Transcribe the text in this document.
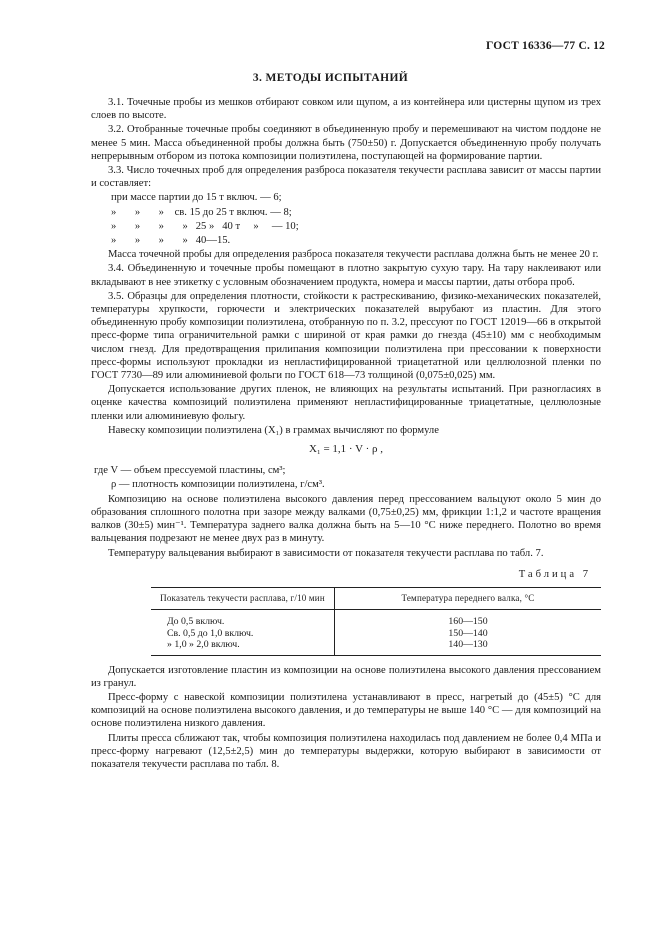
ГОСТ 16336—77 С. 12
3. МЕТОДЫ ИСПЫТАНИЙ

3.1. Точечные пробы из мешков отбирают совком или щупом, а из контейнера или цистерны щупом из трех слоев по высоте.

3.2. Отобранные точечные пробы соединяют в объединенную пробу и перемешивают на чистом поддоне не менее 5 мин. Масса объединенной пробы должна быть (750±50) г. Допускается объединенную пробу получать непрерывным отбором из потока композиции полиэтилена, поступающей на формирование партии.

3.3. Число точечных проб для определения разброса показателя текучести расплава зависит от массы партии и составляет:

при массе партии до 15 т включ. — 6;

»       »       »    св. 15 до 25 т включ. — 8;

»       »       »       »   25 »   40 т     »     — 10;

»       »       »       »   40—15.

Масса точечной пробы для определения разброса показателя текучести расплава должна быть не менее 20 г.

3.4. Объединенную и точечные пробы помещают в плотно закрытую сухую тару. На тару наклеивают или вкладывают в нее этикетку с условным обозначением продукта, номера и массы партии, даты отбора проб.

3.5. Образцы для определения плотности, стойкости к растрескиванию, физико-механических показателей, температуры хрупкости, горючести и электрических показателей вырубают из пластин. Для этого объединенную пробу композиции полиэтилена, отобранную по п. 3.2, прессуют по ГОСТ 12019—66 в открытой пресс-форме типа ограничительной рамки с шириной от края рамки до гнезда (45±10) мм с необходимым числом гнезд. Для предотвращения прилипания композиции полиэтилена при прессовании к поверхности пресс-формы используют прокладки из непластифицированной триацетатной или целлюлозной пленки по ГОСТ 7730—89 или алюминиевой фольги по ГОСТ 618—73 толщиной (0,075±0,025) мм.

Допускается использование других пленок, не влияющих на результаты испытаний. При разногласиях в оценке качества композиций полиэтилена применяют непластифицированные триацетатные, целлюлозные пленки или алюминиевую фольгу.

Навеску композиции полиэтилена (X₁) в граммах вычисляют по формуле

X₁ = 1,1 · V · ρ ,

где V — объем прессуемой пластины, см³;

ρ — плотность композиции полиэтилена, г/см³.

Композицию на основе полиэтилена высокого давления перед прессованием вальцуют около 5 мин до образования сплошного полотна при зазоре между валками (0,75±0,25) мм, фрикции 1:1,2 и частоте вращения валков (30±5) мин⁻¹. Температура заднего валка должна быть на 5—10 °С ниже переднего. Полотно во время вальцевания подрезают не менее двух раз в минуту.

Температуру вальцевания выбирают в зависимости от показателя текучести расплава по табл. 7.

Таблица 7
Показатель текучести расплава, г/10 мин	Температура переднего валка, °С
До 0,5 включ.	160—150
Св. 0,5 до 1,0 включ.	150—140
» 1,0 » 2,0 включ.	140—130

Допускается изготовление пластин из композиции на основе полиэтилена высокого давления прессованием из гранул.

Пресс-форму с навеской композиции полиэтилена устанавливают в пресс, нагретый до (45±5) °С для композиций на основе полиэтилена высокого давления, и до температуры не выше 140 °С — для композиций на основе полиэтилена низкого давления.

Плиты пресса сближают так, чтобы композиция полиэтилена находилась под давлением не более 0,4 МПа и пресс-форму нагревают (12,5±2,5) мин до температуры выдержки, которую выбирают в зависимости от показателя текучести расплава по табл. 8.
